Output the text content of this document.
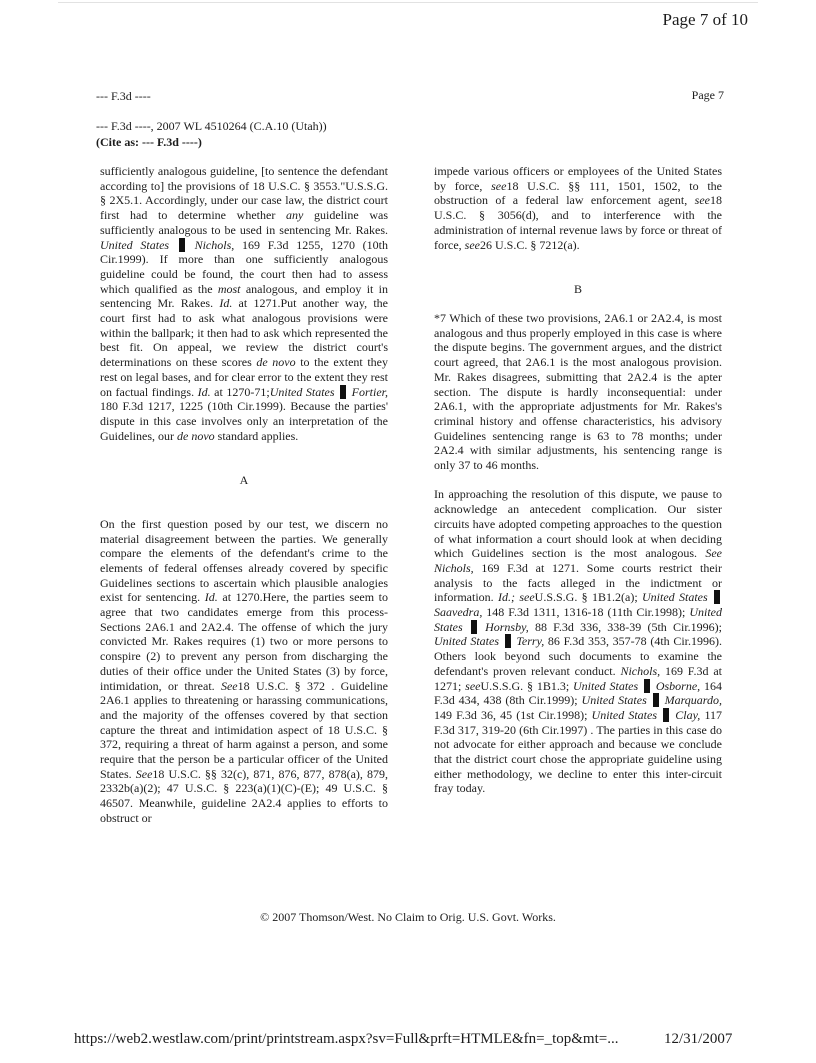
Page 7 of 10
--- F.3d ----
--- F.3d ----, 2007 WL 4510264 (C.A.10 (Utah))
(Cite as: --- F.3d ----)
Page 7

sufficiently analogous guideline, [to sentence the defendant according to] the provisions of 18 U.S.C. § 3553."U.S.S.G. § 2X5.1. Accordingly, under our case law, the district court first had to determine whether any guideline was sufficiently analogous to be used in sentencing Mr. Rakes. United States Nichols, 169 F.3d 1255, 1270 (10th Cir.1999). If more than one sufficiently analogous guideline could be found, the court then had to assess which qualified as the most analogous, and employ it in sentencing Mr. Rakes. Id. at 1271.Put another way, the court first had to ask what analogous provisions were within the ballpark; it then had to ask which represented the best fit. On appeal, we review the district court's determinations on these scores de novo to the extent they rest on legal bases, and for clear error to the extent they rest on factual findings. Id. at 1270-71;United States Fortier, 180 F.3d 1217, 1225 (10th Cir.1999). Because the parties' dispute in this case involves only an interpretation of the Guidelines, our de novo standard applies.

A

On the first question posed by our test, we discern no material disagreement between the parties. We generally compare the elements of the defendant's crime to the elements of federal offenses already covered by specific Guidelines sections to ascertain which plausible analogies exist for sentencing. Id. at 1270.Here, the parties seem to agree that two candidates emerge from this process-Sections 2A6.1 and 2A2.4. The offense of which the jury convicted Mr. Rakes requires (1) two or more persons to conspire (2) to prevent any person from discharging the duties of their office under the United States (3) by force, intimidation, or threat. See18 U.S.C. § 372 . Guideline 2A6.1 applies to threatening or harassing communications, and the majority of the offenses covered by that section capture the threat and intimidation aspect of 18 U.S.C. § 372, requiring a threat of harm against a person, and some require that the person be a particular officer of the United States. See18 U.S.C. §§ 32(c), 871, 876, 877, 878(a), 879, 2332b(a)(2); 47 U.S.C. § 223(a)(1)(C)-(E); 49 U.S.C. § 46507. Meanwhile, guideline 2A2.4 applies to efforts to obstruct or

impede various officers or employees of the United States by force, see18 U.S.C. §§ 111, 1501, 1502, to the obstruction of a federal law enforcement agent, see18 U.S.C. § 3056(d), and to interference with the administration of internal revenue laws by force or threat of force, see26 U.S.C. § 7212(a).

B

*7 Which of these two provisions, 2A6.1 or 2A2.4, is most analogous and thus properly employed in this case is where the dispute begins. The government argues, and the district court agreed, that 2A6.1 is the most analogous provision. Mr. Rakes disagrees, submitting that 2A2.4 is the apter section. The dispute is hardly inconsequential: under 2A6.1, with the appropriate adjustments for Mr. Rakes's criminal history and offense characteristics, his advisory Guidelines sentencing range is 63 to 78 months; under 2A2.4 with similar adjustments, his sentencing range is only 37 to 46 months.

In approaching the resolution of this dispute, we pause to acknowledge an antecedent complication. Our sister circuits have adopted competing approaches to the question of what information a court should look at when deciding which Guidelines section is the most analogous. See Nichols, 169 F.3d at 1271. Some courts restrict their analysis to the facts alleged in the indictment or information. Id.; seeU.S.S.G. § 1B1.2(a); United States  Saavedra, 148 F.3d 1311, 1316-18 (11th Cir.1998); United States Hornsby, 88 F.3d 336, 338-39 (5th Cir.1996); United States Terry, 86 F.3d 353, 357-78 (4th Cir.1996). Others look beyond such documents to examine the defendant's proven relevant conduct. Nichols, 169 F.3d at 1271; seeU.S.S.G. § 1B1.3; United States Osborne, 164 F.3d 434, 438 (8th Cir.1999); United States Marquardo, 149 F.3d 36, 45 (1st Cir.1998); United States Clay, 117 F.3d 317, 319-20 (6th Cir.1997) . The parties in this case do not advocate for either approach and because we conclude that the district court chose the appropriate guideline using either methodology, we decline to enter this inter-circuit fray today.

© 2007 Thomson/West. No Claim to Orig. U.S. Govt. Works.
https://web2.westlaw.com/print/printstream.aspx?sv=Full&prft=HTMLE&fn=_top&mt=...	12/31/2007
